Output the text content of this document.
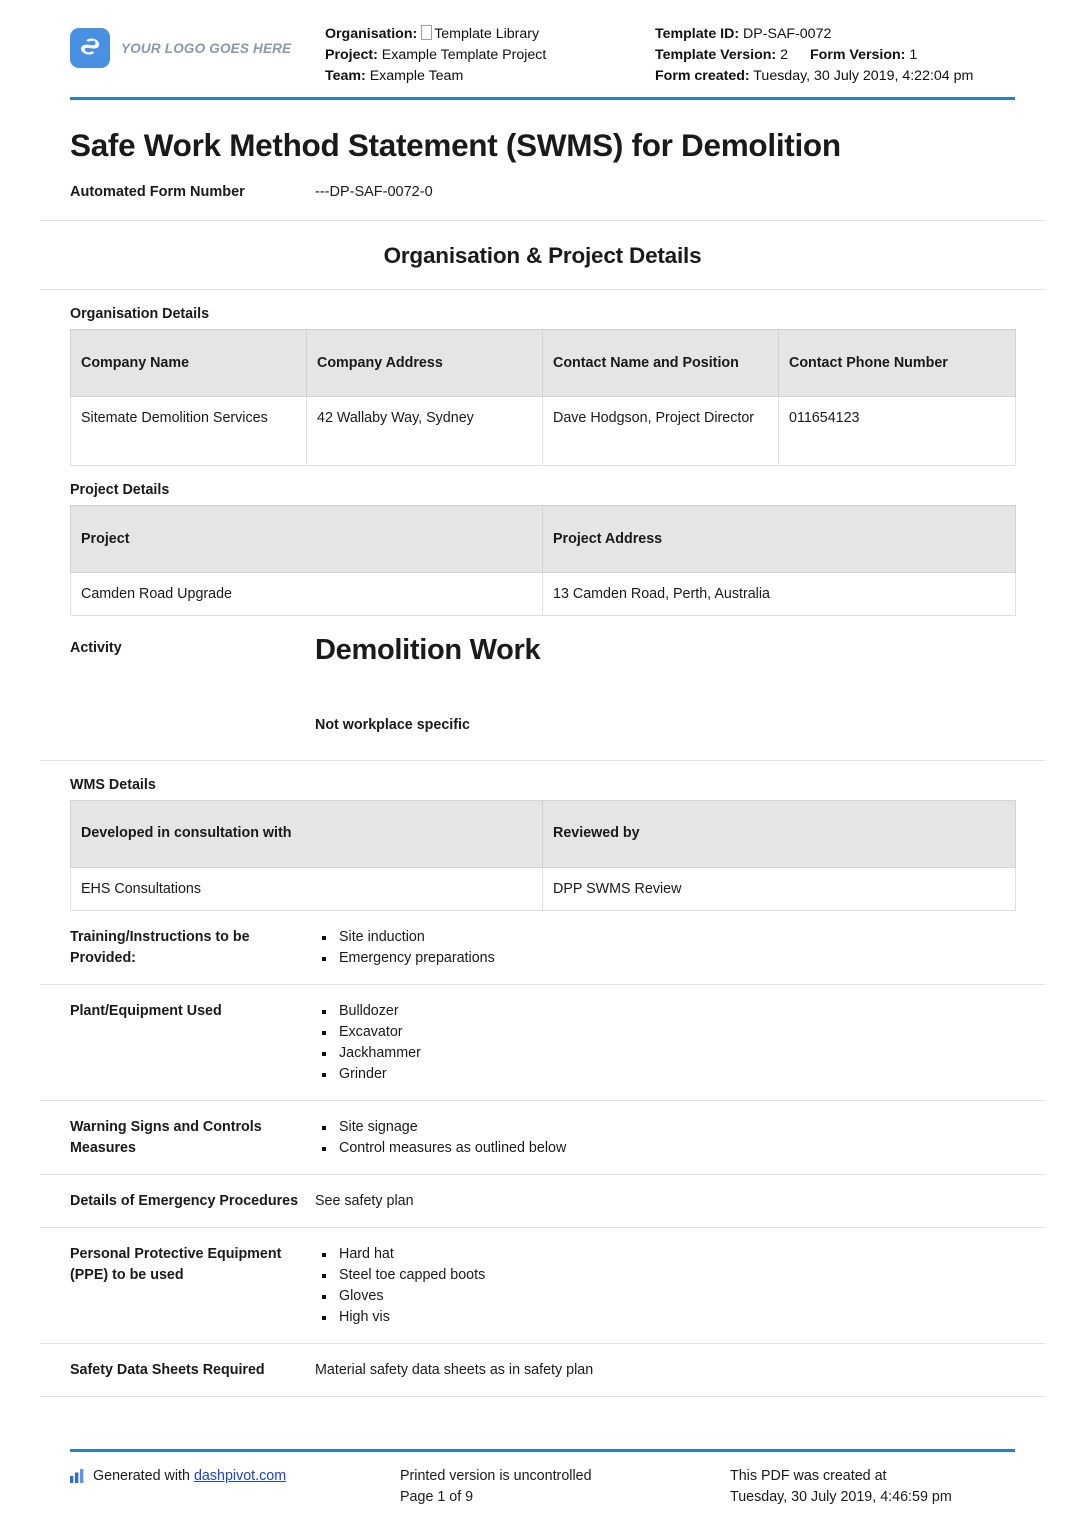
YOUR LOGO GOES HERE
Organisation: Template Library
Project: Example Template Project
Team: Example Team
Template ID: DP-SAF-0072
Template Version: 2 Form Version: 1
Form created: Tuesday, 30 July 2019, 4:22:04 pm
Safe Work Method Statement (SWMS) for Demolition
Automated Form Number	---DP-SAF-0072-0
Organisation & Project Details
Organisation Details
Company Name	Company Address	Contact Name and Position	Contact Phone Number
Sitemate Demolition Services	42 Wallaby Way, Sydney	Dave Hodgson, Project Director	011654123
Project Details
Project	Project Address
Camden Road Upgrade	13 Camden Road, Perth, Australia
Activity	Demolition Work
Not workplace specific
WMS Details
Developed in consultation with	Reviewed by
EHS Consultations	DPP SWMS Review
Training/Instructions to be Provided:
Site induction
Emergency preparations
Plant/Equipment Used	Bulldozer
Excavator
Jackhammer
Grinder
Warning Signs and Controls Measures
Site signage
Control measures as outlined below
Details of Emergency Procedures	See safety plan
Personal Protective Equipment (PPE) to be used
Hard hat
Steel toe capped boots
Gloves
High vis
Safety Data Sheets Required	Material safety data sheets as in safety plan
Generated with dashpivot.com	Printed version is uncontrolled
Page 1 of 9
This PDF was created at
Tuesday, 30 July 2019, 4:46:59 pm
